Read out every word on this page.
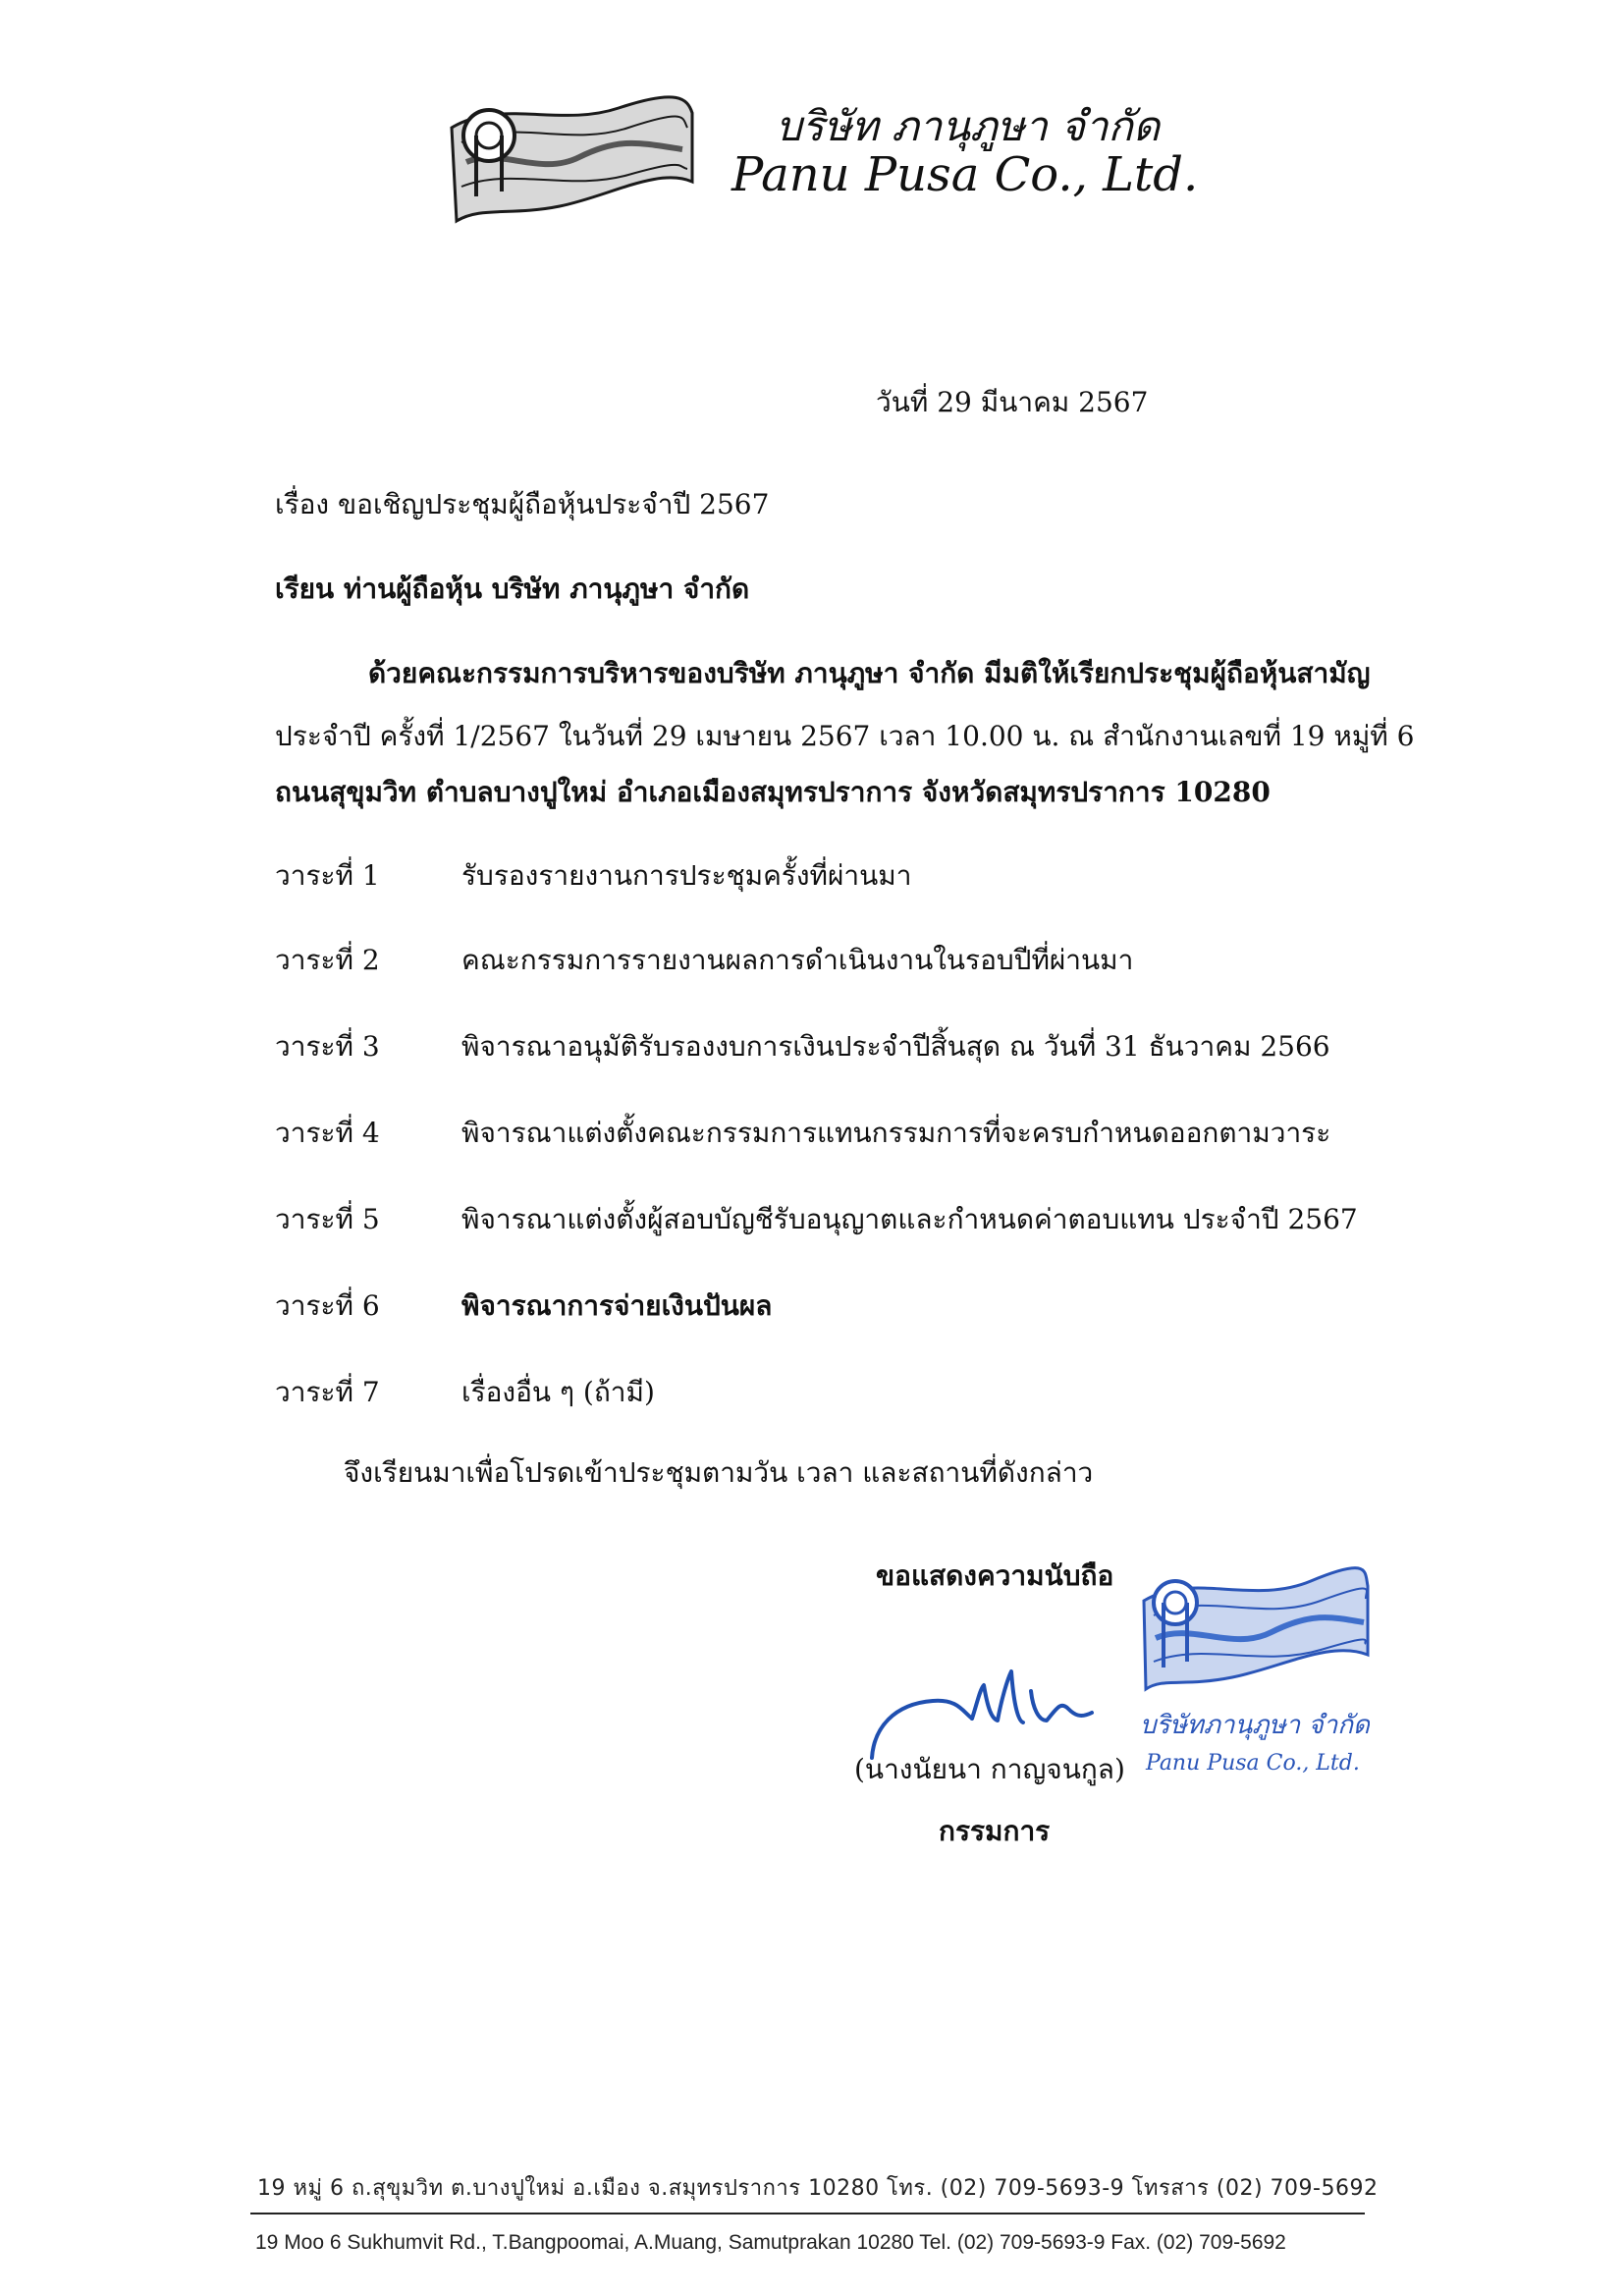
บริษัท ภานุภูษา จำกัด
Panu Pusa Co., Ltd.
วันที่ 29 มีนาคม 2567
เรื่อง ขอเชิญประชุมผู้ถือหุ้นประจำปี 2567
เรียน ท่านผู้ถือหุ้น บริษัท ภานุภูษา จำกัด
ด้วยคณะกรรมการบริหารของบริษัท ภานุภูษา จำกัด มีมติให้เรียกประชุมผู้ถือหุ้นสามัญ
ประจำปี ครั้งที่ 1/2567 ในวันที่ 29 เมษายน 2567 เวลา 10.00 น. ณ สำนักงานเลขที่ 19 หมู่ที่ 6
ถนนสุขุมวิท ตำบลบางปูใหม่ อำเภอเมืองสมุทรปราการ จังหวัดสมุทรปราการ 10280
วาระที่ 1	รับรองรายงานการประชุมครั้งที่ผ่านมา
วาระที่ 2	คณะกรรมการรายงานผลการดำเนินงานในรอบปีที่ผ่านมา
วาระที่ 3	พิจารณาอนุมัติรับรองงบการเงินประจำปีสิ้นสุด ณ วันที่ 31 ธันวาคม 2566
วาระที่ 4	พิจารณาแต่งตั้งคณะกรรมการแทนกรรมการที่จะครบกำหนดออกตามวาระ
วาระที่ 5	พิจารณาแต่งตั้งผู้สอบบัญชีรับอนุญาตและกำหนดค่าตอบแทน ประจำปี 2567
วาระที่ 6	พิจารณาการจ่ายเงินปันผล
วาระที่ 7	เรื่องอื่น ๆ (ถ้ามี)
จึงเรียนมาเพื่อโปรดเข้าประชุมตามวัน เวลา และสถานที่ดังกล่าว
ขอแสดงความนับถือ
บริษัทภานุภูษา จำกัด
Panu Pusa Co., Ltd.
(นางนัยนา กาญจนกูล)
กรรมการ
19 หมู่ 6 ถ.สุขุมวิท ต.บางปูใหม่ อ.เมือง จ.สมุทรปราการ 10280 โทร. (02) 709-5693-9 โทรสาร (02) 709-5692
19 Moo 6 Sukhumvit Rd., T.Bangpoomai, A.Muang, Samutprakan 10280 Tel. (02) 709-5693-9 Fax. (02) 709-5692
